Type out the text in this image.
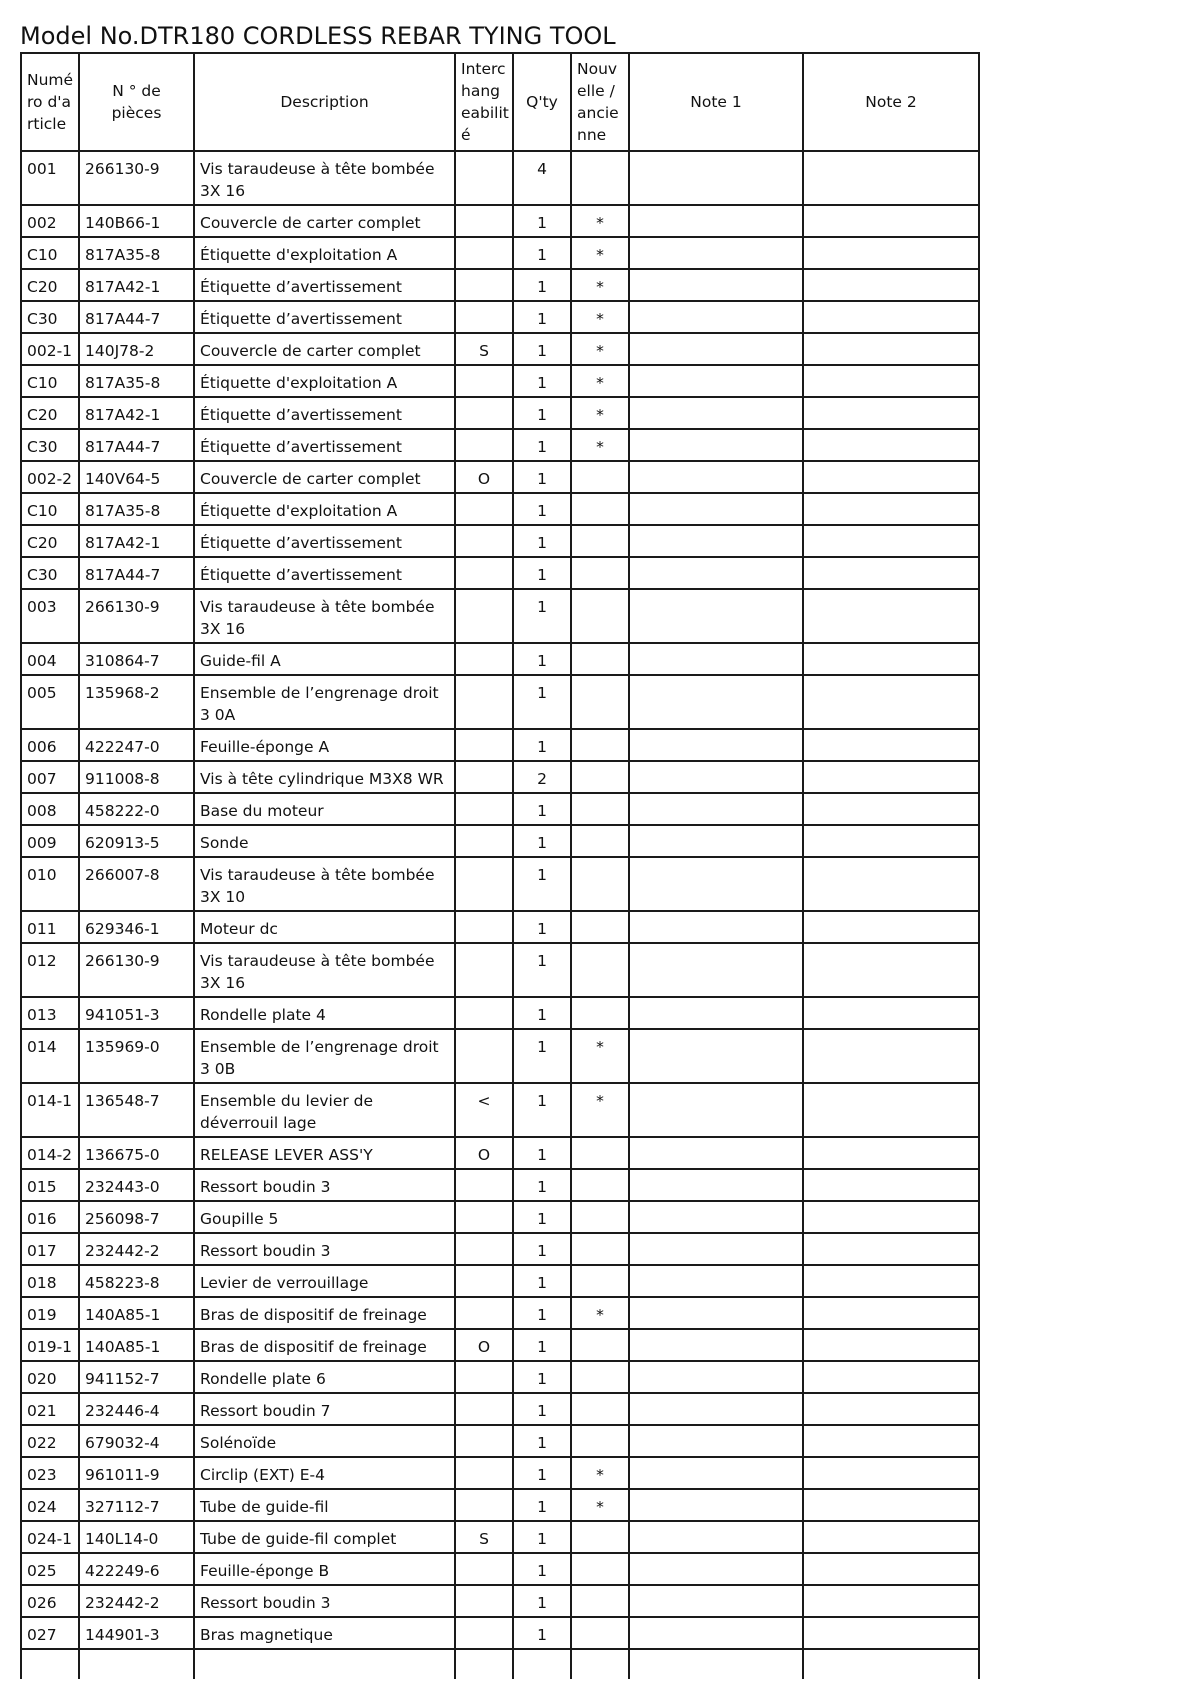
Model No.DTR180 CORDLESS REBAR TYING TOOL
Numé ro d'a rticle	N ° de pièces	Description	Interc hang eabilit é	Q'ty	Nouv elle / ancie nne	Note 1	Note 2
001	266130-9	Vis taraudeuse à tête bombée 3X 16		4			
002	140B66-1	Couvercle de carter complet		1	*		
C10	817A35-8	Étiquette d'exploitation A		1	*		
C20	817A42-1	Étiquette d’avertissement		1	*		
C30	817A44-7	Étiquette d’avertissement		1	*		
002-1	140J78-2	Couvercle de carter complet	S	1	*		
C10	817A35-8	Étiquette d'exploitation A		1	*		
C20	817A42-1	Étiquette d’avertissement		1	*		
C30	817A44-7	Étiquette d’avertissement		1	*		
002-2	140V64-5	Couvercle de carter complet	O	1			
C10	817A35-8	Étiquette d'exploitation A		1			
C20	817A42-1	Étiquette d’avertissement		1			
C30	817A44-7	Étiquette d’avertissement		1			
003	266130-9	Vis taraudeuse à tête bombée 3X 16		1			
004	310864-7	Guide-fil A		1			
005	135968-2	Ensemble de l’engrenage droit 3 0A		1			
006	422247-0	Feuille-éponge A		1			
007	911008-8	Vis à tête cylindrique M3X8 WR		2			
008	458222-0	Base du moteur		1			
009	620913-5	Sonde		1			
010	266007-8	Vis taraudeuse à tête bombée 3X 10		1			
011	629346-1	Moteur dc		1			
012	266130-9	Vis taraudeuse à tête bombée 3X 16		1			
013	941051-3	Rondelle plate 4		1			
014	135969-0	Ensemble de l’engrenage droit 3 0B		1	*		
014-1	136548-7	Ensemble du levier de déverrouil lage	<	1	*		
014-2	136675-0	RELEASE LEVER ASS'Y	O	1			
015	232443-0	Ressort boudin 3		1			
016	256098-7	Goupille 5		1			
017	232442-2	Ressort boudin 3		1			
018	458223-8	Levier de verrouillage		1			
019	140A85-1	Bras de dispositif de freinage		1	*		
019-1	140A85-1	Bras de dispositif de freinage	O	1			
020	941152-7	Rondelle plate 6		1			
021	232446-4	Ressort boudin 7		1			
022	679032-4	Solénoïde		1			
023	961011-9	Circlip (EXT) E-4		1	*		
024	327112-7	Tube de guide-fil		1	*		
024-1	140L14-0	Tube de guide-fil complet	S	1			
025	422249-6	Feuille-éponge B		1			
026	232442-2	Ressort boudin 3		1			
027	144901-3	Bras magnetique		1			
